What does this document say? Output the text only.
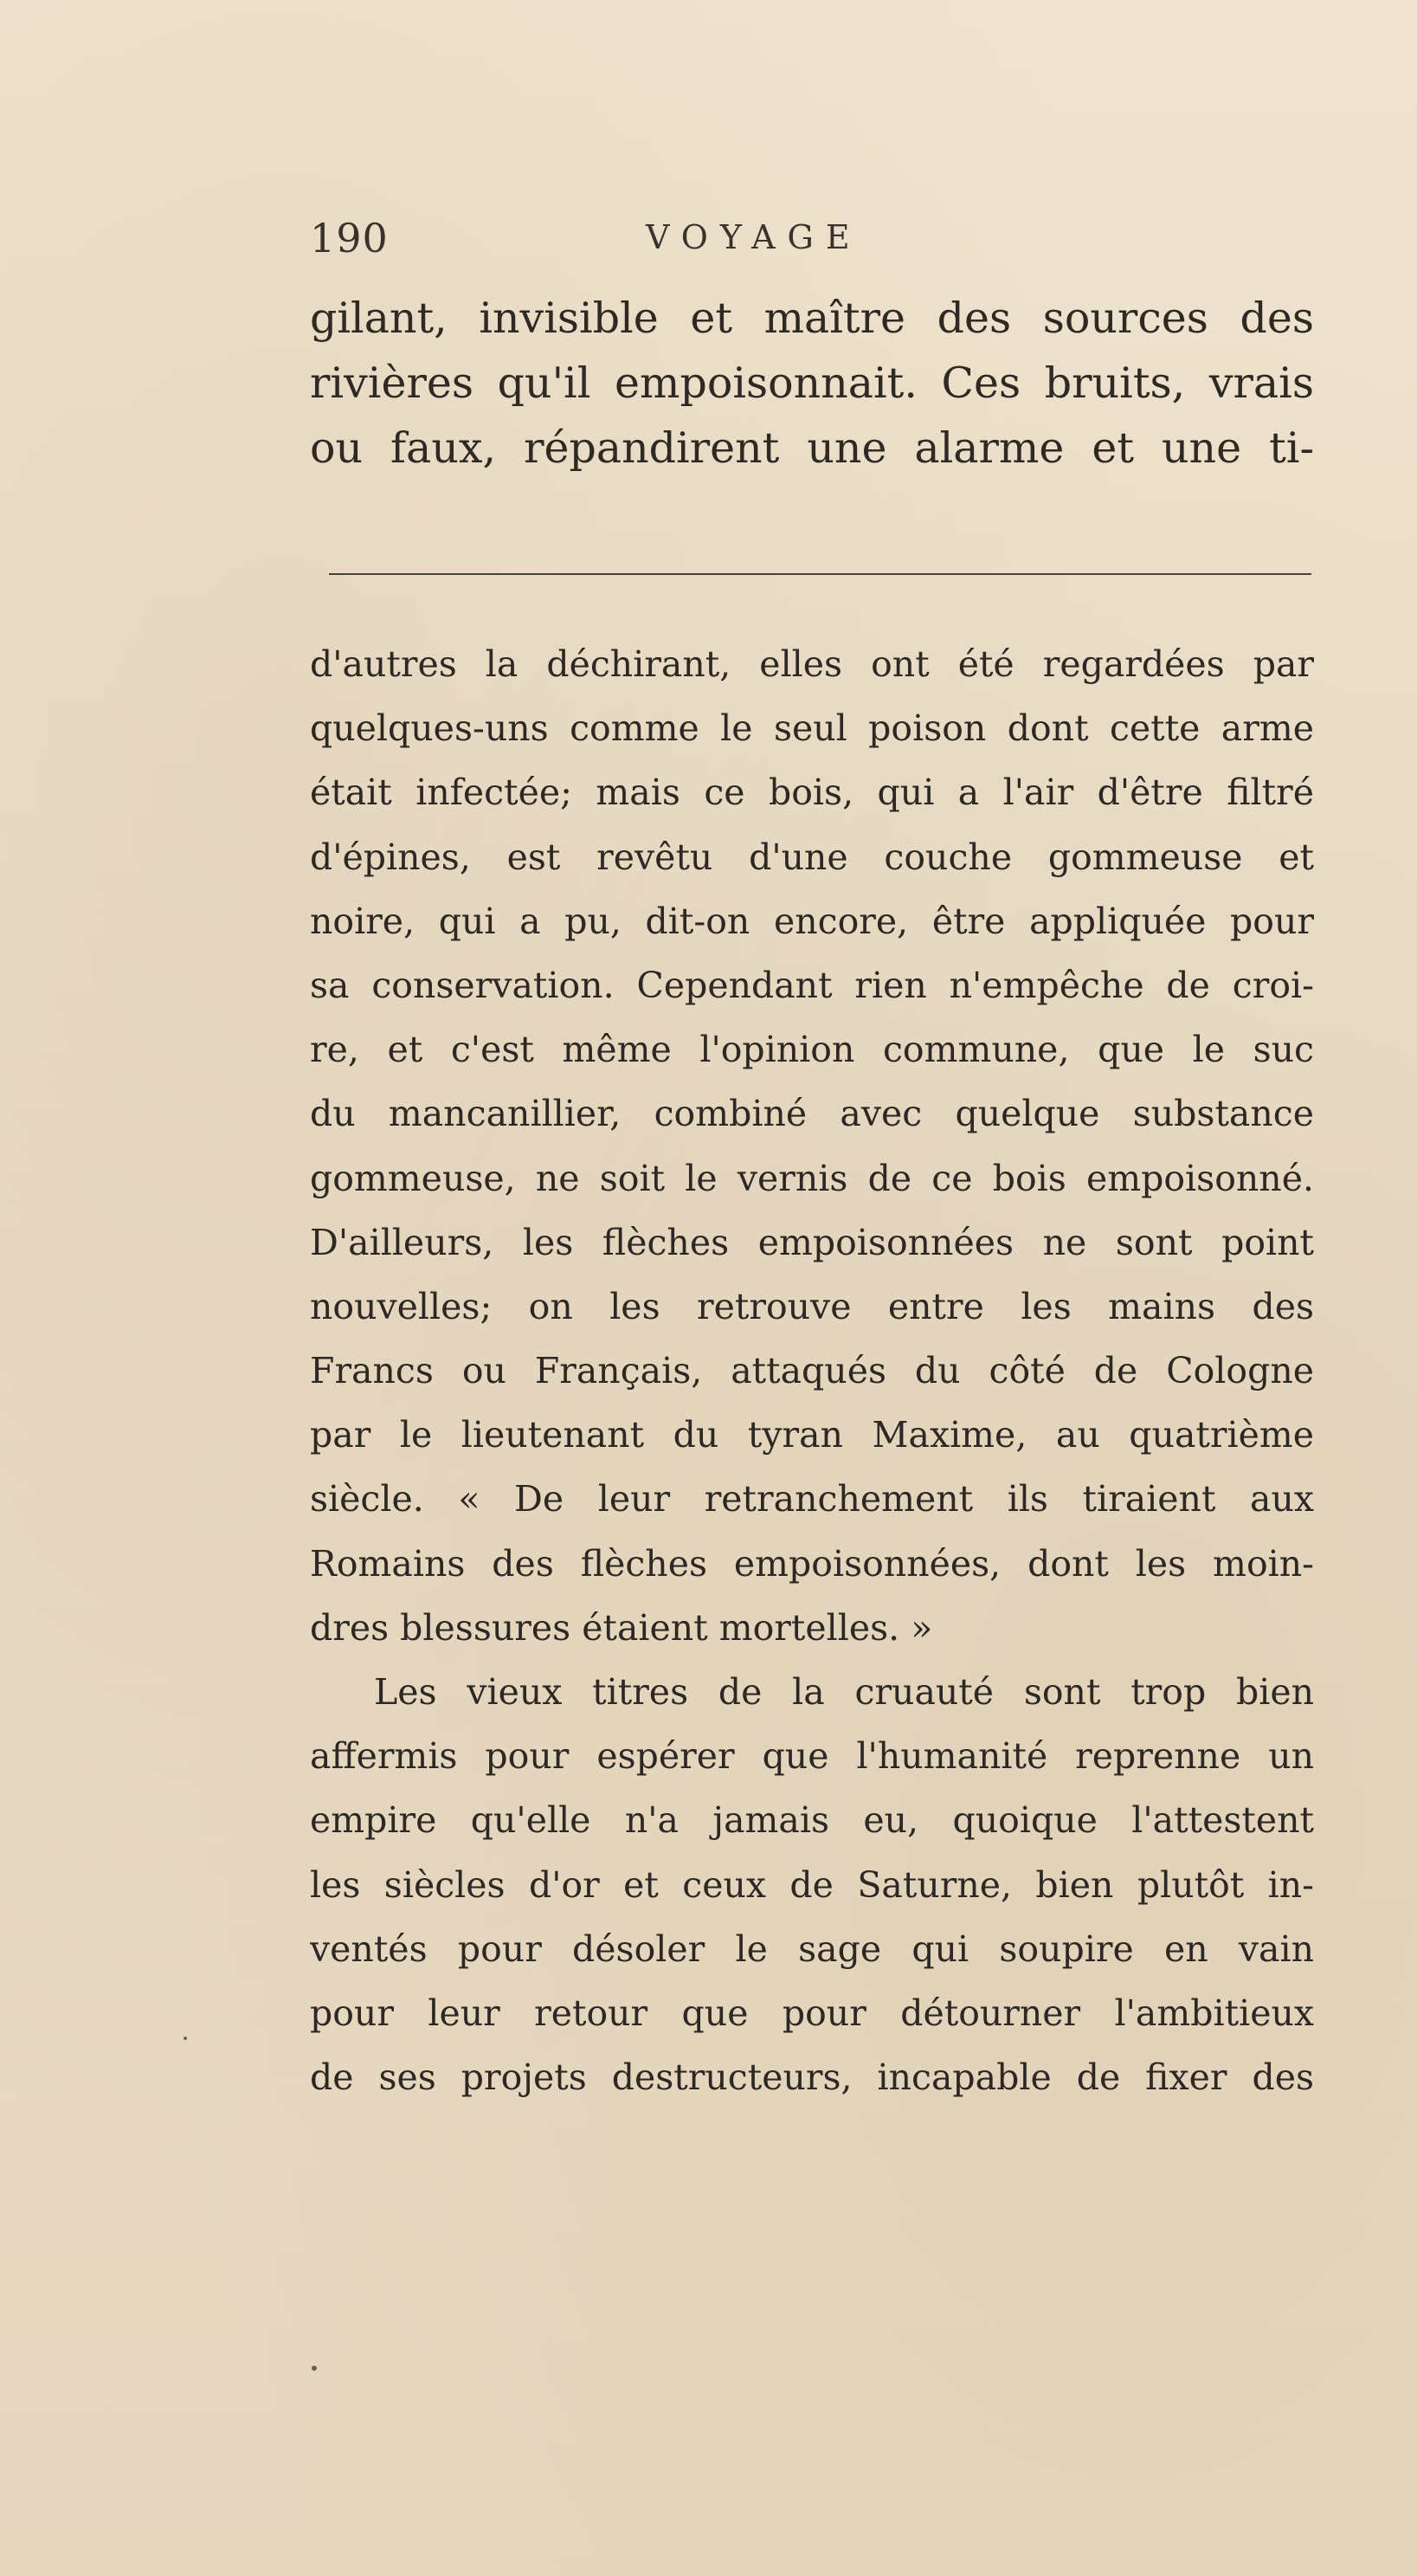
190	VOYAGE
gilant, invisible et maître des sources des
rivières qu'il empoisonnait. Ces bruits, vrais
ou faux, répandirent une alarme et une ti-
d'autres la déchirant, elles ont été regardées par
quelques-uns comme le seul poison dont cette arme
était infectée; mais ce bois, qui a l'air d'être filtré
d'épines, est revêtu d'une couche gommeuse et
noire, qui a pu, dit-on encore, être appliquée pour
sa conservation. Cependant rien n'empêche de croi-
re, et c'est même l'opinion commune, que le suc
du mancanillier, combiné avec quelque substance
gommeuse, ne soit le vernis de ce bois empoisonné.
D'ailleurs, les flèches empoisonnées ne sont point
nouvelles; on les retrouve entre les mains des
Francs ou Français, attaqués du côté de Cologne
par le lieutenant du tyran Maxime, au quatrième
siècle. « De leur retranchement ils tiraient aux
Romains des flèches empoisonnées, dont les moin-
dres blessures étaient mortelles. »
Les vieux titres de la cruauté sont trop bien
affermis pour espérer que l'humanité reprenne un
empire qu'elle n'a jamais eu, quoique l'attestent
les siècles d'or et ceux de Saturne, bien plutôt in-
ventés pour désoler le sage qui soupire en vain
pour leur retour que pour détourner l'ambitieux
de ses projets destructeurs, incapable de fixer des
